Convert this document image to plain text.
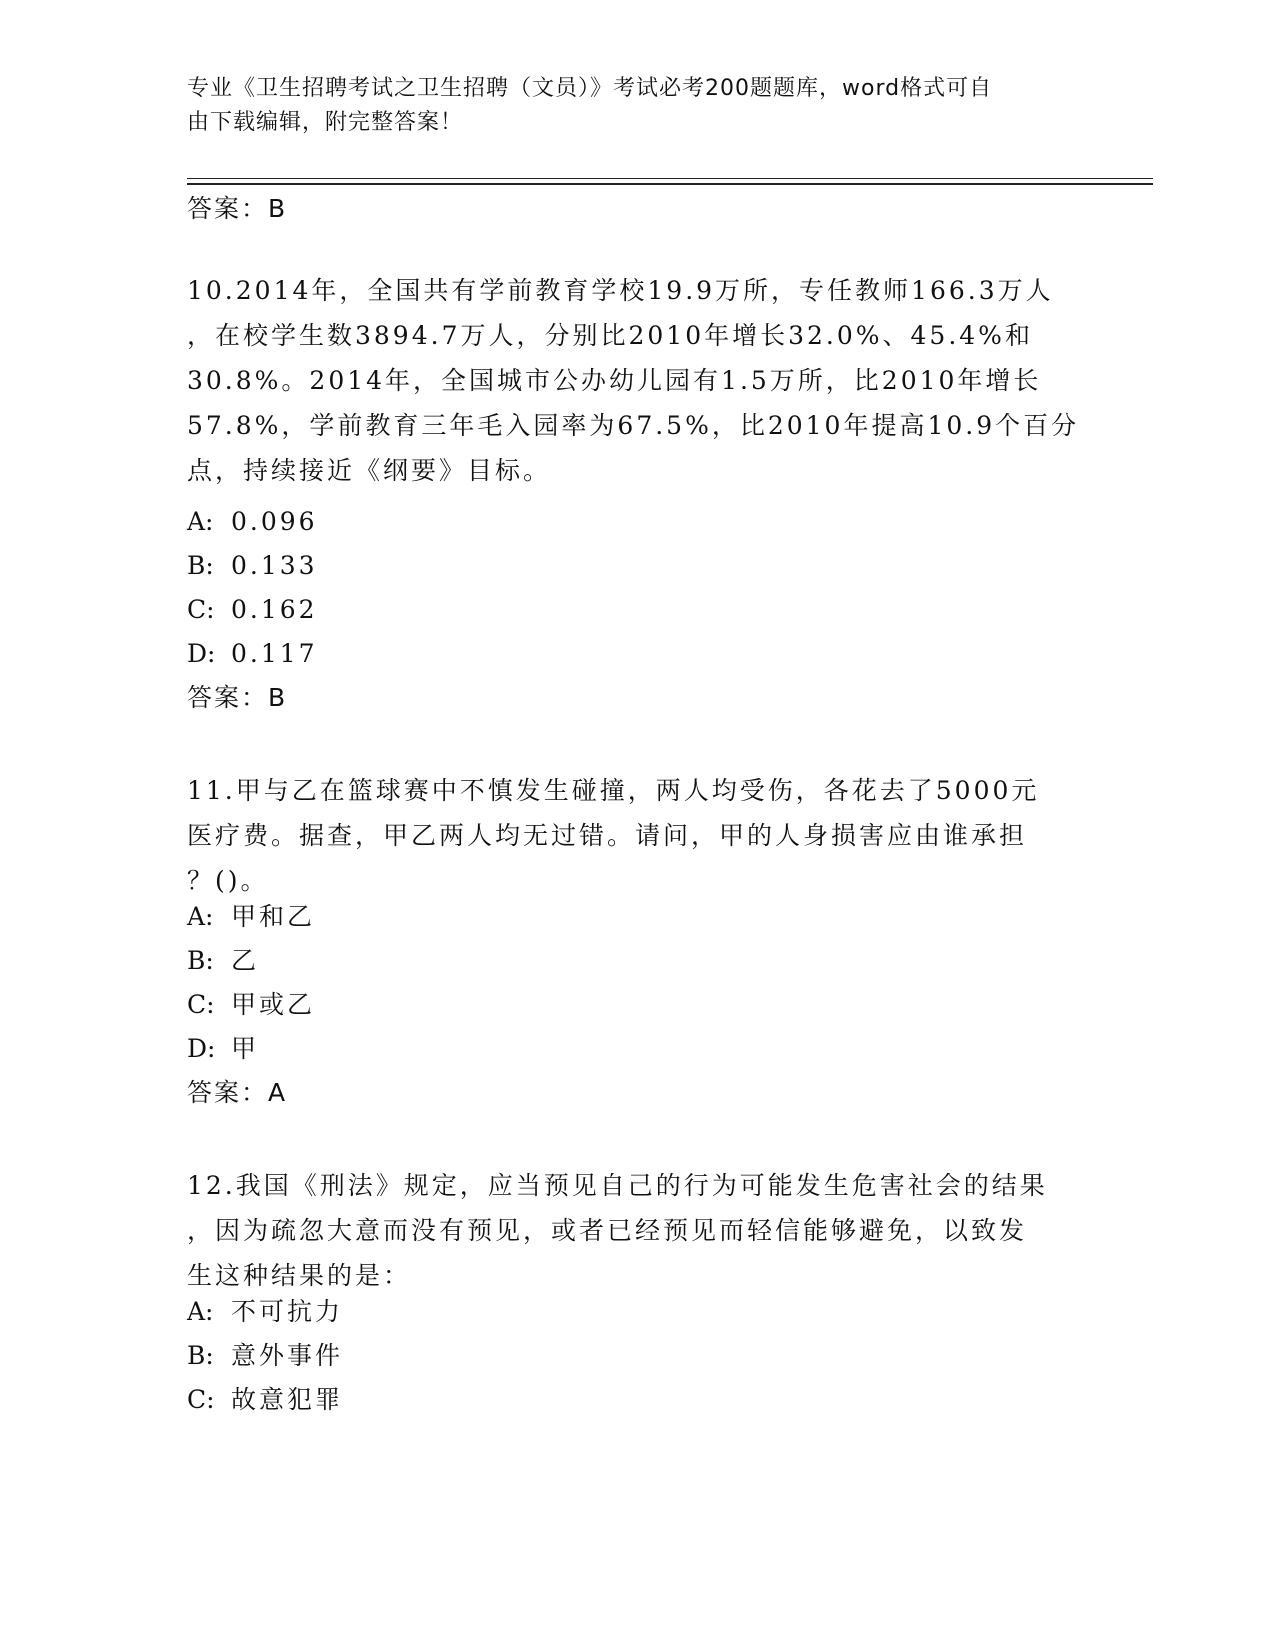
专业《卫生招聘考试之卫生招聘（文员）》考试必考200题题库，word格式可自
由下载编辑，附完整答案！
答案：B
10.2014年，全国共有学前教育学校19.9万所，专任教师166.3万人
，在校学生数3894.7万人，分别比2010年增长32.0%、45.4%和
30.8%。2014年，全国城市公办幼儿园有1.5万所，比2010年增长
57.8%，学前教育三年毛入园率为67.5%，比2010年提高10.9个百分
点，持续接近《纲要》目标。
A: 0.096
B: 0.133
C: 0.162
D: 0.117
答案：B
11.甲与乙在篮球赛中不慎发生碰撞，两人均受伤，各花去了5000元
医疗费。据查，甲乙两人均无过错。请问，甲的人身损害应由谁承担
？()。
A: 甲和乙
B: 乙
C: 甲或乙
D: 甲
答案：A
12.我国《刑法》规定，应当预见自己的行为可能发生危害社会的结果
，因为疏忽大意而没有预见，或者已经预见而轻信能够避免，以致发
生这种结果的是：
A: 不可抗力
B: 意外事件
C: 故意犯罪
